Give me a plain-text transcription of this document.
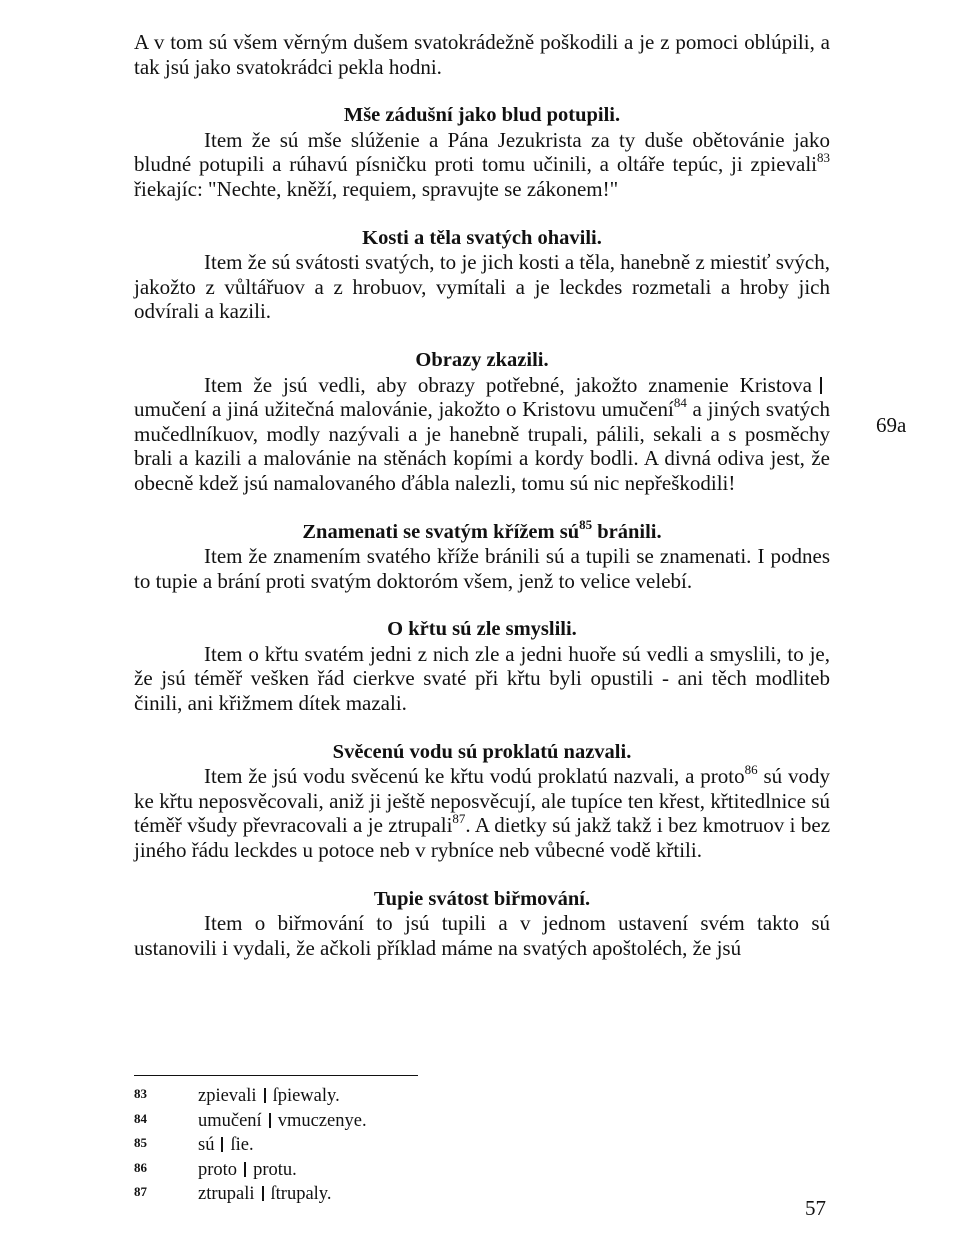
A v tom sú všem věrným dušem svatokrádežně poškodili a je z pomoci oblúpili, a tak jsú jako svatokrádci pekla hodni.

Mše zádušní jako blud potupili.

Item že sú mše slúženie a Pána Jezukrista za ty duše obětovánie jako bludné potupili a rúhavú písničku proti tomu učinili, a oltáře tepúc, ji zpievali$^{83}$ řiekajíc: "Nechte, kněží, requiem, spravujte se zákonem!"

Kosti a těla svatých ohavili.

Item že sú svátosti svatých, to je jich kosti a těla, hanebně z miestiť svých, jakožto z vůltářuov a z hrobuov, vymítali a je leckdes rozmetali a hroby jich odvírali a kazili.

Obrazy zkazili.

Item že jsú vedli, aby obrazy potřebné, jakožto znamenie Kristovaumučení a jiná užitečná malovánie, jakožto o Kristovu umučení$^{84}$ a jiných svatých mučedlníkuov, modly nazývali a je hanebně trupali, pálili, sekali a s posměchy brali a kazili a malovánie na stěnách kopími a kordy bodli. A divná odiva jest, že obecně kdež jsú namalovaného ďábla nalezli, tomu sú nic nepřeškodili!

Znamenati se svatým křížem $sú^{85}$ bránili.

Item že znamením svatého kříže bránili sú a tupili se znamenati. I podnes to tupie a brání proti svatým doktoróm všem, jenž to velice velebí.

O křtu sú zle smyslili.

Item o křtu svatém jedni z nich zle a jedni huoře sú vedli a smyslili, to je, že jsú téměř vešken řád cierkve svaté při křtu byli opustili - ani těch modliteb činili, ani křižmem dítek mazali.

Svěcenú vodu sú proklatú nazvali.

Item že jsú vodu svěcenú ke křtu vodú proklatú nazvali, a proto$^{86}$ sú vody ke křtu neposvěcovali, aniž ji ještě neposvěcují, ale tupíce ten křest, křtitedlnice sú téměř všudy převracovali a je ztrupali$^{87}$. A dietky sú jakž takž i bez kmotruov i bez jiného řádu leckdes u potoce neb v rybníce neb vůbecné vodě křtili.

Tupie svátost biřmování.

Item o biřmování to jsú tupili a v jednom ustavení svém takto sú ustanovili i vydali, že ačkoli příklad máme na svatých apoštoléch, že jsú

69a
83	zpievali ſpiewaly.
84	umučení vmuczenye.
85	sú ſie.
86	proto protu.
87	ztrupali ſtrupaly.
57
